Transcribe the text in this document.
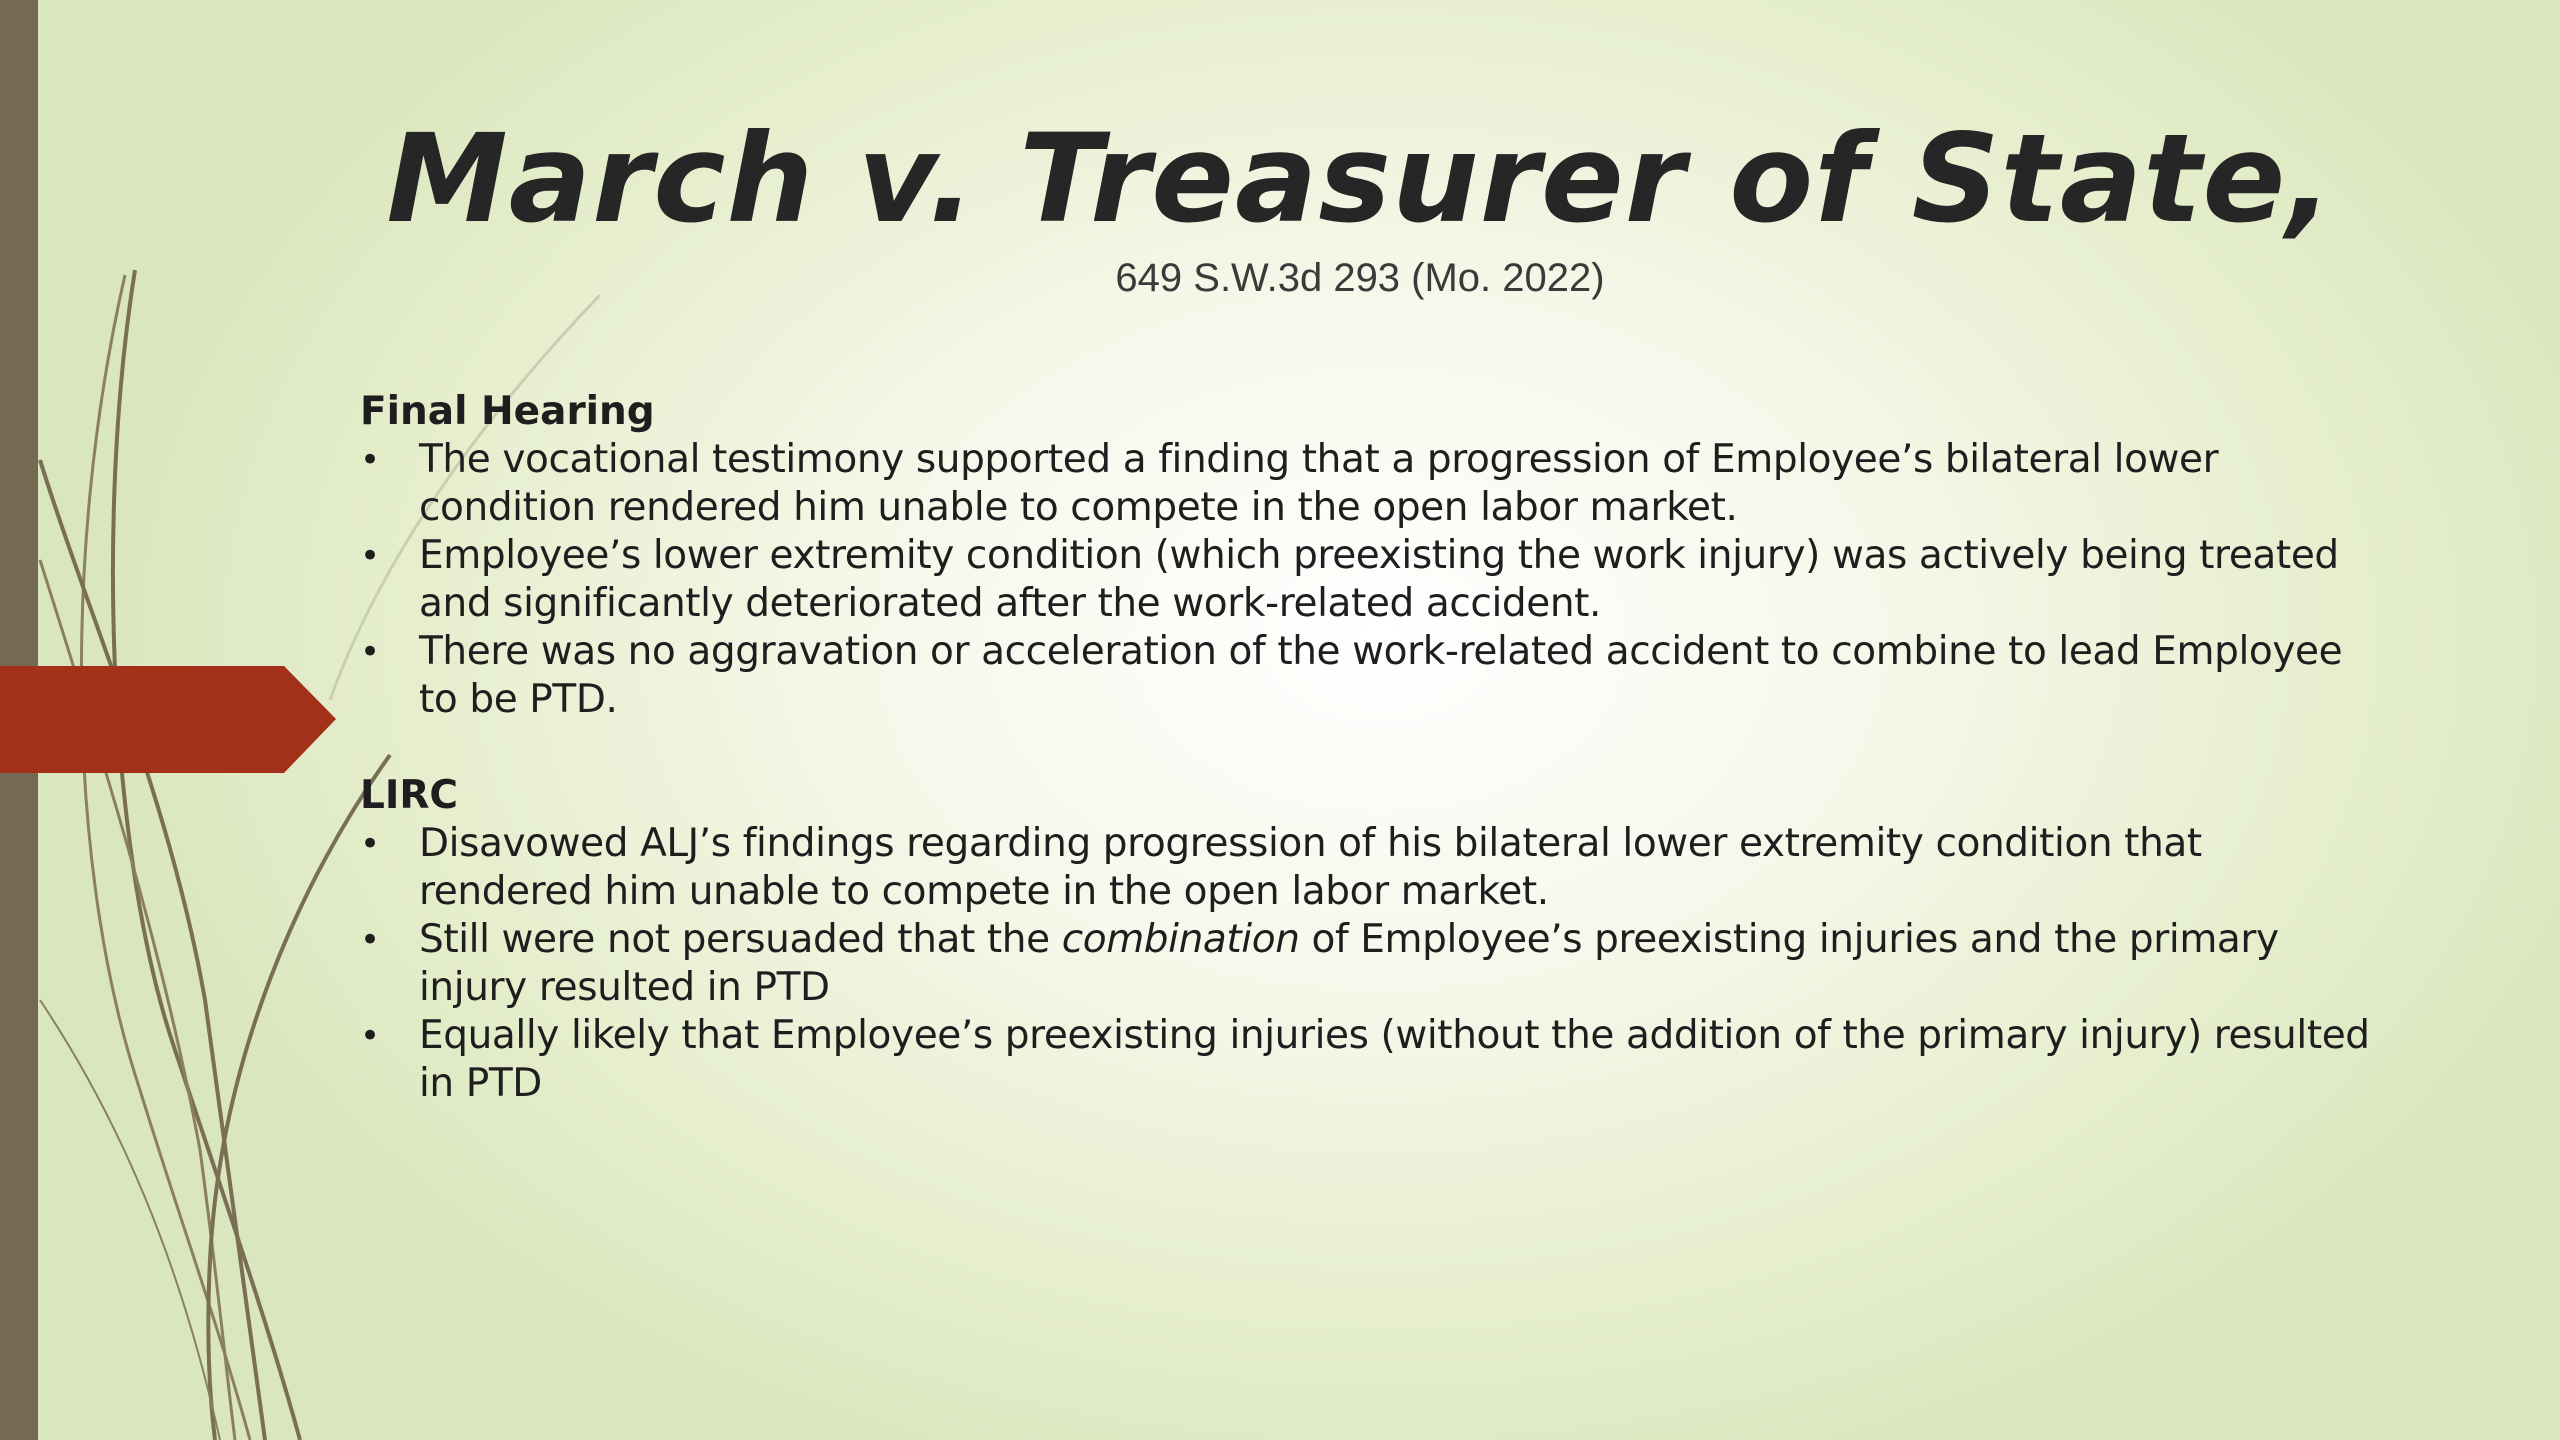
March v. Treasurer of State,
649 S.W.3d 293 (Mo. 2022)
Final Hearing
• The vocational testimony supported a finding that a progression of Employee’s bilateral lower condition rendered him unable to compete in the open labor market.
• Employee’s lower extremity condition (which preexisting the work injury) was actively being treated and significantly deteriorated after the work-related accident.
• There was no aggravation or acceleration of the work-related accident to combine to lead Employee to be PTD.
LIRC
• Disavowed ALJ’s findings regarding progression of his bilateral lower extremity condition that rendered him unable to compete in the open labor market.
• Still were not persuaded that the combination of Employee’s preexisting injuries and the primary injury resulted in PTD
• Equally likely that Employee’s preexisting injuries (without the addition of the primary injury) resulted in PTD
